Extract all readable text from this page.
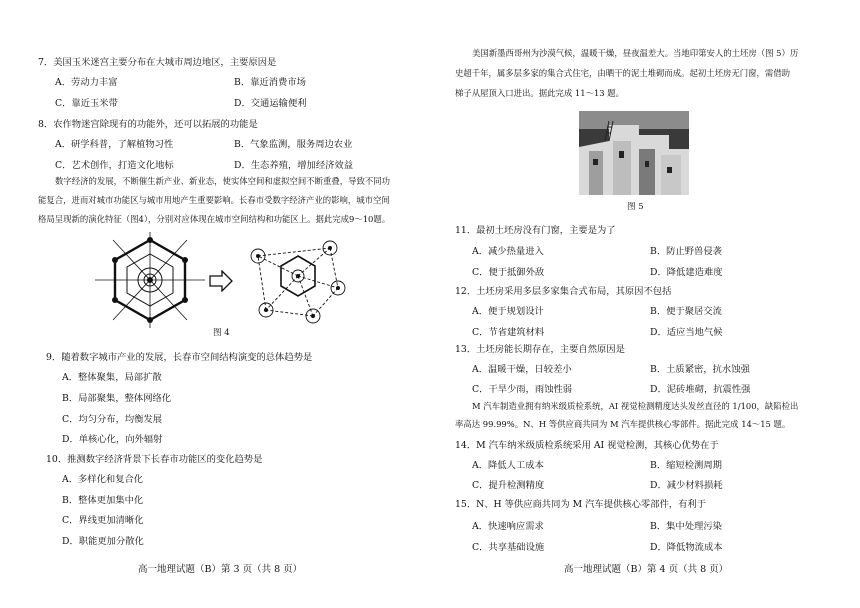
7．美国玉米迷宫主要分布在大城市周边地区，主要原因是
A．劳动力丰富	B．靠近消费市场
C．靠近玉米带	D．交通运输便利
8．农作物迷宫除现有的功能外，还可以拓展的功能是
A．研学科普，了解植物习性	B．气象监测，服务周边农业
C．艺术创作，打造文化地标	D．生态养殖，增加经济效益
数字经济的发展，不断催生新产业、新业态，使实体空间和虚拟空间不断重叠，导致不同功
能复合，进而对城市功能区与城市用地产生重要影响。长春市受数字经济产业的影响，城市空间
格局呈现新的演化特征（图4），分别对应体现在城市空间结构和功能区上。据此完成9～10题。
图 4
9．随着数字城市产业的发展，长春市空间结构演变的总体趋势是
A．整体聚集，局部扩散
B．局部聚集，整体网络化
C．均匀分布，均衡发展
D．单核心化，向外辐射
10．推测数字经济背景下长春市功能区的变化趋势是
A．多样化和复合化
B．整体更加集中化
C．界线更加清晰化
D．职能更加分散化
高一地理试题（B）第 3 页（共 8 页）
美国新墨西哥州为沙漠气候，温暖干燥，昼夜温差大。当地印第安人的土坯房（图 5）历
史超千年，属多层多家的集合式住宅，由晒干的泥土堆砌而成。起初土坯房无门窗，需借助
梯子从屋顶入口进出。据此完成 11～13 题。
图 5
11．最初土坯房没有门窗，主要是为了
A．减少热量进入	B．防止野兽侵袭
C．便于抵御外敌	D．降低建造难度
12．土坯房采用多层多家集合式布局，其原因不包括
A．便于规划设计	B．便于聚居交流
C．节省建筑材料	D．适应当地气候
13．土坯房能长期存在，主要自然原因是
A．温暖干燥，日较差小	B．土质紧密，抗水蚀强
C．干旱少雨，雨蚀性弱	D．泥砖堆砌，抗震性强
M 汽车制造业拥有纳米级质检系统，AI 视觉检测精度达头发丝直径的 1/100，缺陷检出
率高达 99.99%。N、H 等供应商共同为 M 汽车提供核心零部件。据此完成 14～15 题。
14．M 汽车纳米级质检系统采用 AI 视觉检测，其核心优势在于
A．降低人工成本	B．缩短检测周期
C．提升检测精度	D．减少材料损耗
15．N、H 等供应商共同为 M 汽车提供核心零部件，有利于
A．快速响应需求	B．集中处理污染
C．共享基础设施	D．降低物流成本
高一地理试题（B）第 4 页（共 8 页）
